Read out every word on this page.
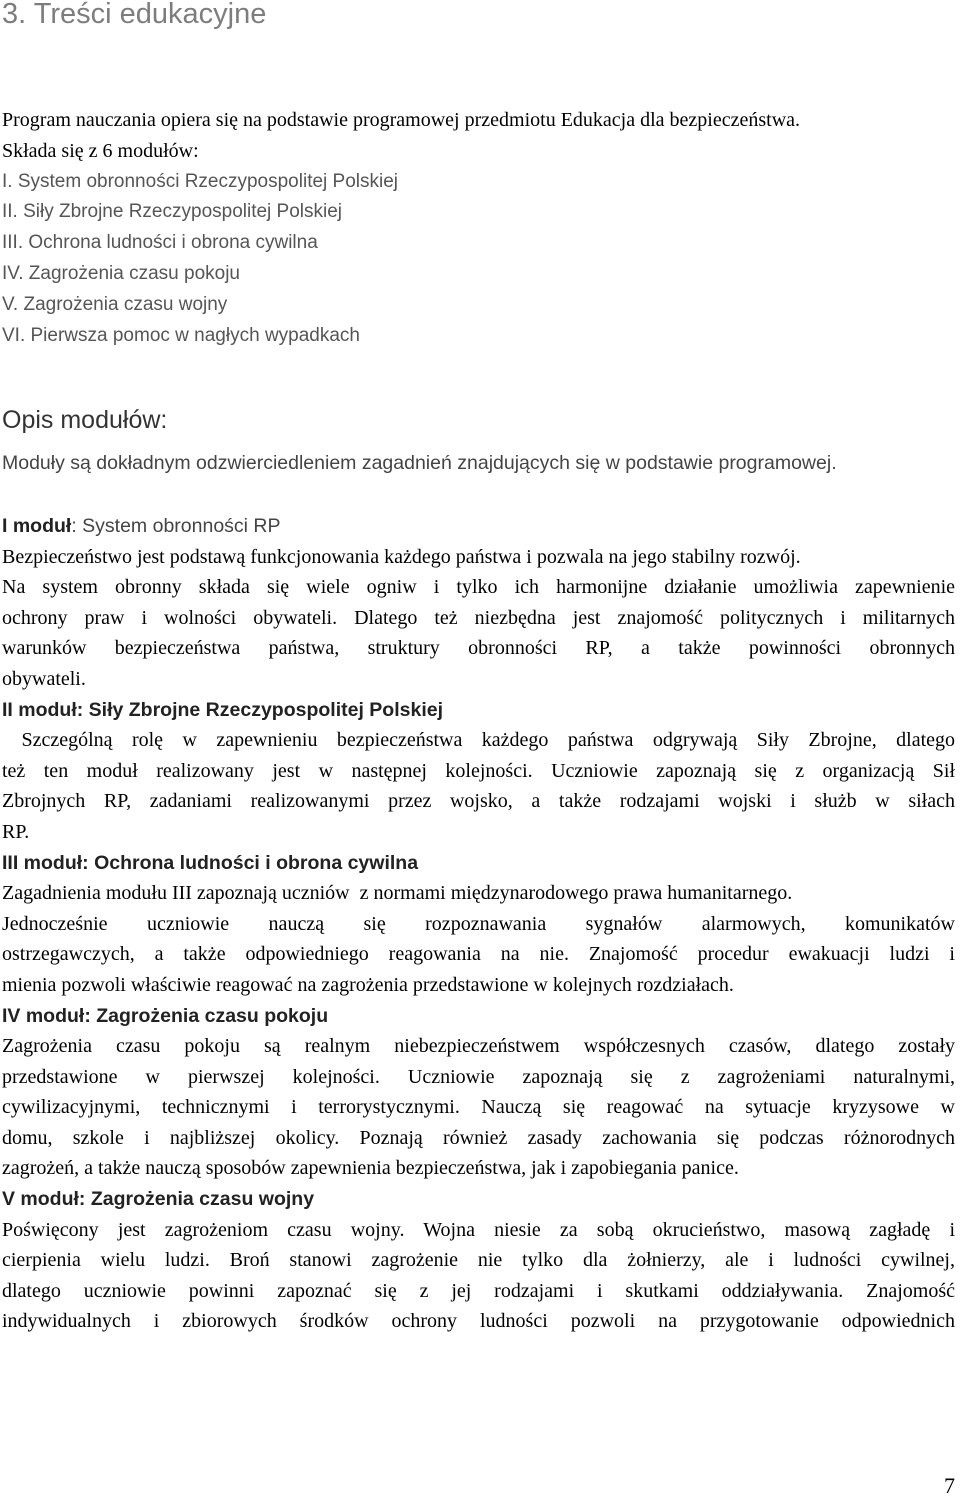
3. Treści edukacyjne
Program nauczania opiera się na podstawie programowej przedmiotu Edukacja dla bezpieczeństwa.
Składa się z 6 modułów:
I. System obronności Rzeczypospolitej Polskiej
II. Siły Zbrojne Rzeczypospolitej Polskiej
III. Ochrona ludności i obrona cywilna
IV. Zagrożenia czasu pokoju
V. Zagrożenia czasu wojny
VI. Pierwsza pomoc w nagłych wypadkach
Opis modułów:

Moduły są dokładnym odzwierciedleniem zagadnień znajdujących się w podstawie programowej.

I moduł: System obronności RP

Bezpieczeństwo jest podstawą funkcjonowania każdego państwa i pozwala na jego stabilny rozwój.
Na system obronny składa się wiele ogniw i tylko ich harmonijne działanie umożliwia zapewnienie
ochrony praw i wolności obywateli. Dlatego też niezbędna jest znajomość politycznych i militarnych
warunków bezpieczeństwa państwa, struktury obronności RP, a także powinności obronnych
obywateli.

II moduł: Siły Zbrojne Rzeczypospolitej Polskiej

Szczególną rolę w zapewnieniu bezpieczeństwa każdego państwa odgrywają Siły Zbrojne, dlatego
też ten moduł realizowany jest w następnej kolejności. Uczniowie zapoznają się z organizacją Sił
Zbrojnych RP, zadaniami realizowanymi przez wojsko, a także rodzajami wojski i służb w siłach
RP.

III moduł: Ochrona ludności i obrona cywilna

Zagadnienia modułu III zapoznają uczniów  z normami międzynarodowego prawa humanitarnego.
Jednocześnie uczniowie nauczą się rozpoznawania sygnałów alarmowych, komunikatów
ostrzegawczych, a także odpowiedniego reagowania na nie. Znajomość procedur ewakuacji ludzi i
mienia pozwoli właściwie reagować na zagrożenia przedstawione w kolejnych rozdziałach.

IV moduł: Zagrożenia czasu pokoju

Zagrożenia czasu pokoju są realnym niebezpieczeństwem współczesnych czasów, dlatego zostały
przedstawione w pierwszej kolejności. Uczniowie zapoznają się z zagrożeniami naturalnymi,
cywilizacyjnymi, technicznymi i terrorystycznymi. Nauczą się reagować na sytuacje kryzysowe w
domu, szkole i najbliższej okolicy. Poznają również zasady zachowania się podczas różnorodnych
zagrożeń, a także nauczą sposobów zapewnienia bezpieczeństwa, jak i zapobiegania panice.

V moduł: Zagrożenia czasu wojny

Poświęcony jest zagrożeniom czasu wojny. Wojna niesie za sobą okrucieństwo, masową zagładę i
cierpienia wielu ludzi. Broń stanowi zagrożenie nie tylko dla żołnierzy, ale i ludności cywilnej,
dlatego uczniowie powinni zapoznać się z jej rodzajami i skutkami oddziaływania. Znajomość
indywidualnych i zbiorowych środków ochrony ludności pozwoli na przygotowanie odpowiednich

7
